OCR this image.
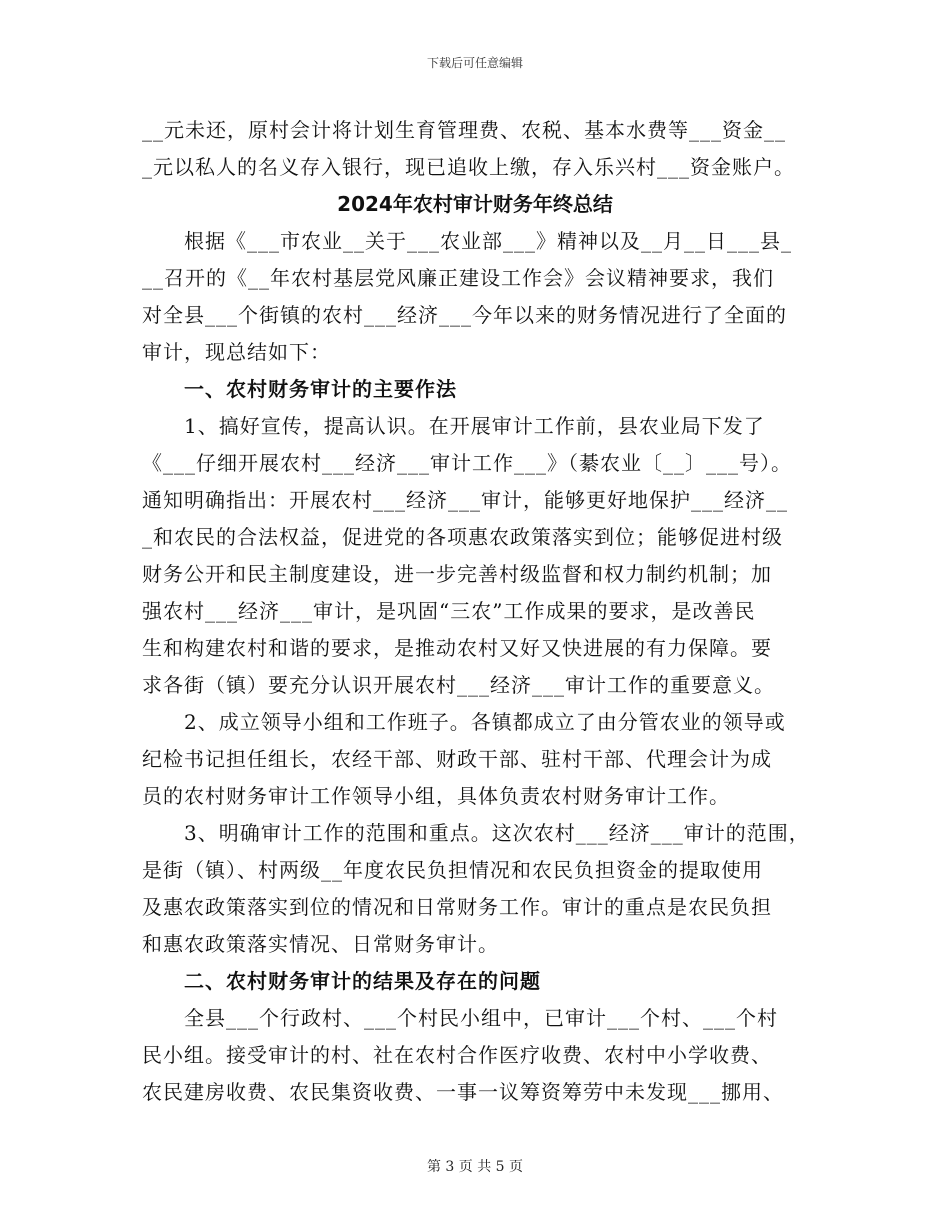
下载后可任意编辑
__元未还，原村会计将计划生育管理费、农税、基本水费等___资金__
_元以私人的名义存入银行，现已追收上缴，存入乐兴村___资金账户。
2024年农村审计财务年终总结
根据《___市农业__关于___农业部___》精神以及__月__日___县_
__召开的《__年农村基层党风廉正建设工作会》会议精神要求，我们
对全县___个街镇的农村___经济___今年以来的财务情况进行了全面的
审计，现总结如下：
一、农村财务审计的主要作法
1、搞好宣传，提高认识。在开展审计工作前，县农业局下发了
《___仔细开展农村___经济___审计工作___》（綦农业〔__〕___号）。
通知明确指出：开展农村___经济___审计，能够更好地保护___经济__
_和农民的合法权益，促进党的各项惠农政策落实到位；能够促进村级
财务公开和民主制度建设，进一步完善村级监督和权力制约机制；加
强农村___经济___审计，是巩固“三农”工作成果的要求，是改善民
生和构建农村和谐的要求，是推动农村又好又快进展的有力保障。要
求各街（镇）要充分认识开展农村___经济___审计工作的重要意义。
2、成立领导小组和工作班子。各镇都成立了由分管农业的领导或
纪检书记担任组长，农经干部、财政干部、驻村干部、代理会计为成
员的农村财务审计工作领导小组，具体负责农村财务审计工作。
3、明确审计工作的范围和重点。这次农村___经济___审计的范围，
是街（镇）、村两级__年度农民负担情况和农民负担资金的提取使用
及惠农政策落实到位的情况和日常财务工作。审计的重点是农民负担
和惠农政策落实情况、日常财务审计。
二、农村财务审计的结果及存在的问题
全县___个行政村、___个村民小组中，已审计___个村、___个村
民小组。接受审计的村、社在农村合作医疗收费、农村中小学收费、
农民建房收费、农民集资收费、一事一议筹资筹劳中未发现___挪用、
第 3 页 共 5 页
